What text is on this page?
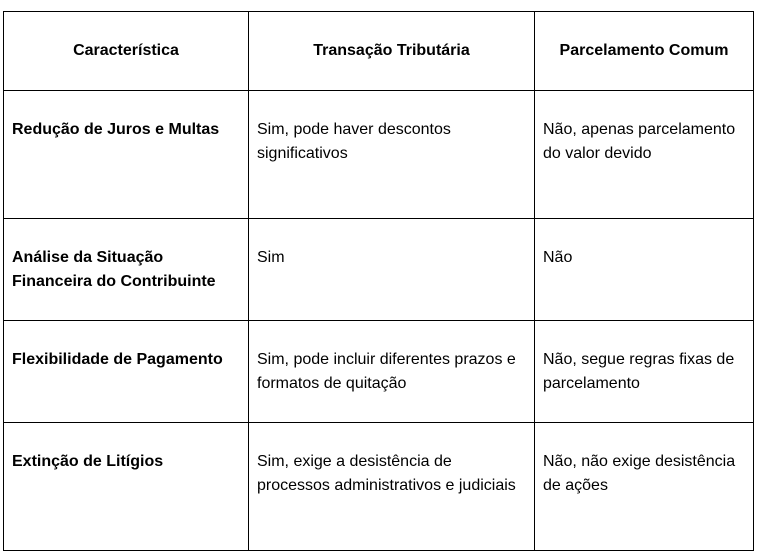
Característica	Transação Tributária	Parcelamento Comum

Redução de Juros e Multas	Sim, pode haver descontos significativos	Não, apenas parcelamento do valor devido

Análise da Situação Financeira do Contribuinte	Sim	Não

Flexibilidade de Pagamento	Sim, pode incluir diferentes prazos e formatos de quitação	Não, segue regras fixas de parcelamento

Extinção de Litígios	Sim, exige a desistência de processos administrativos e judiciais	Não, não exige desistência de ações
